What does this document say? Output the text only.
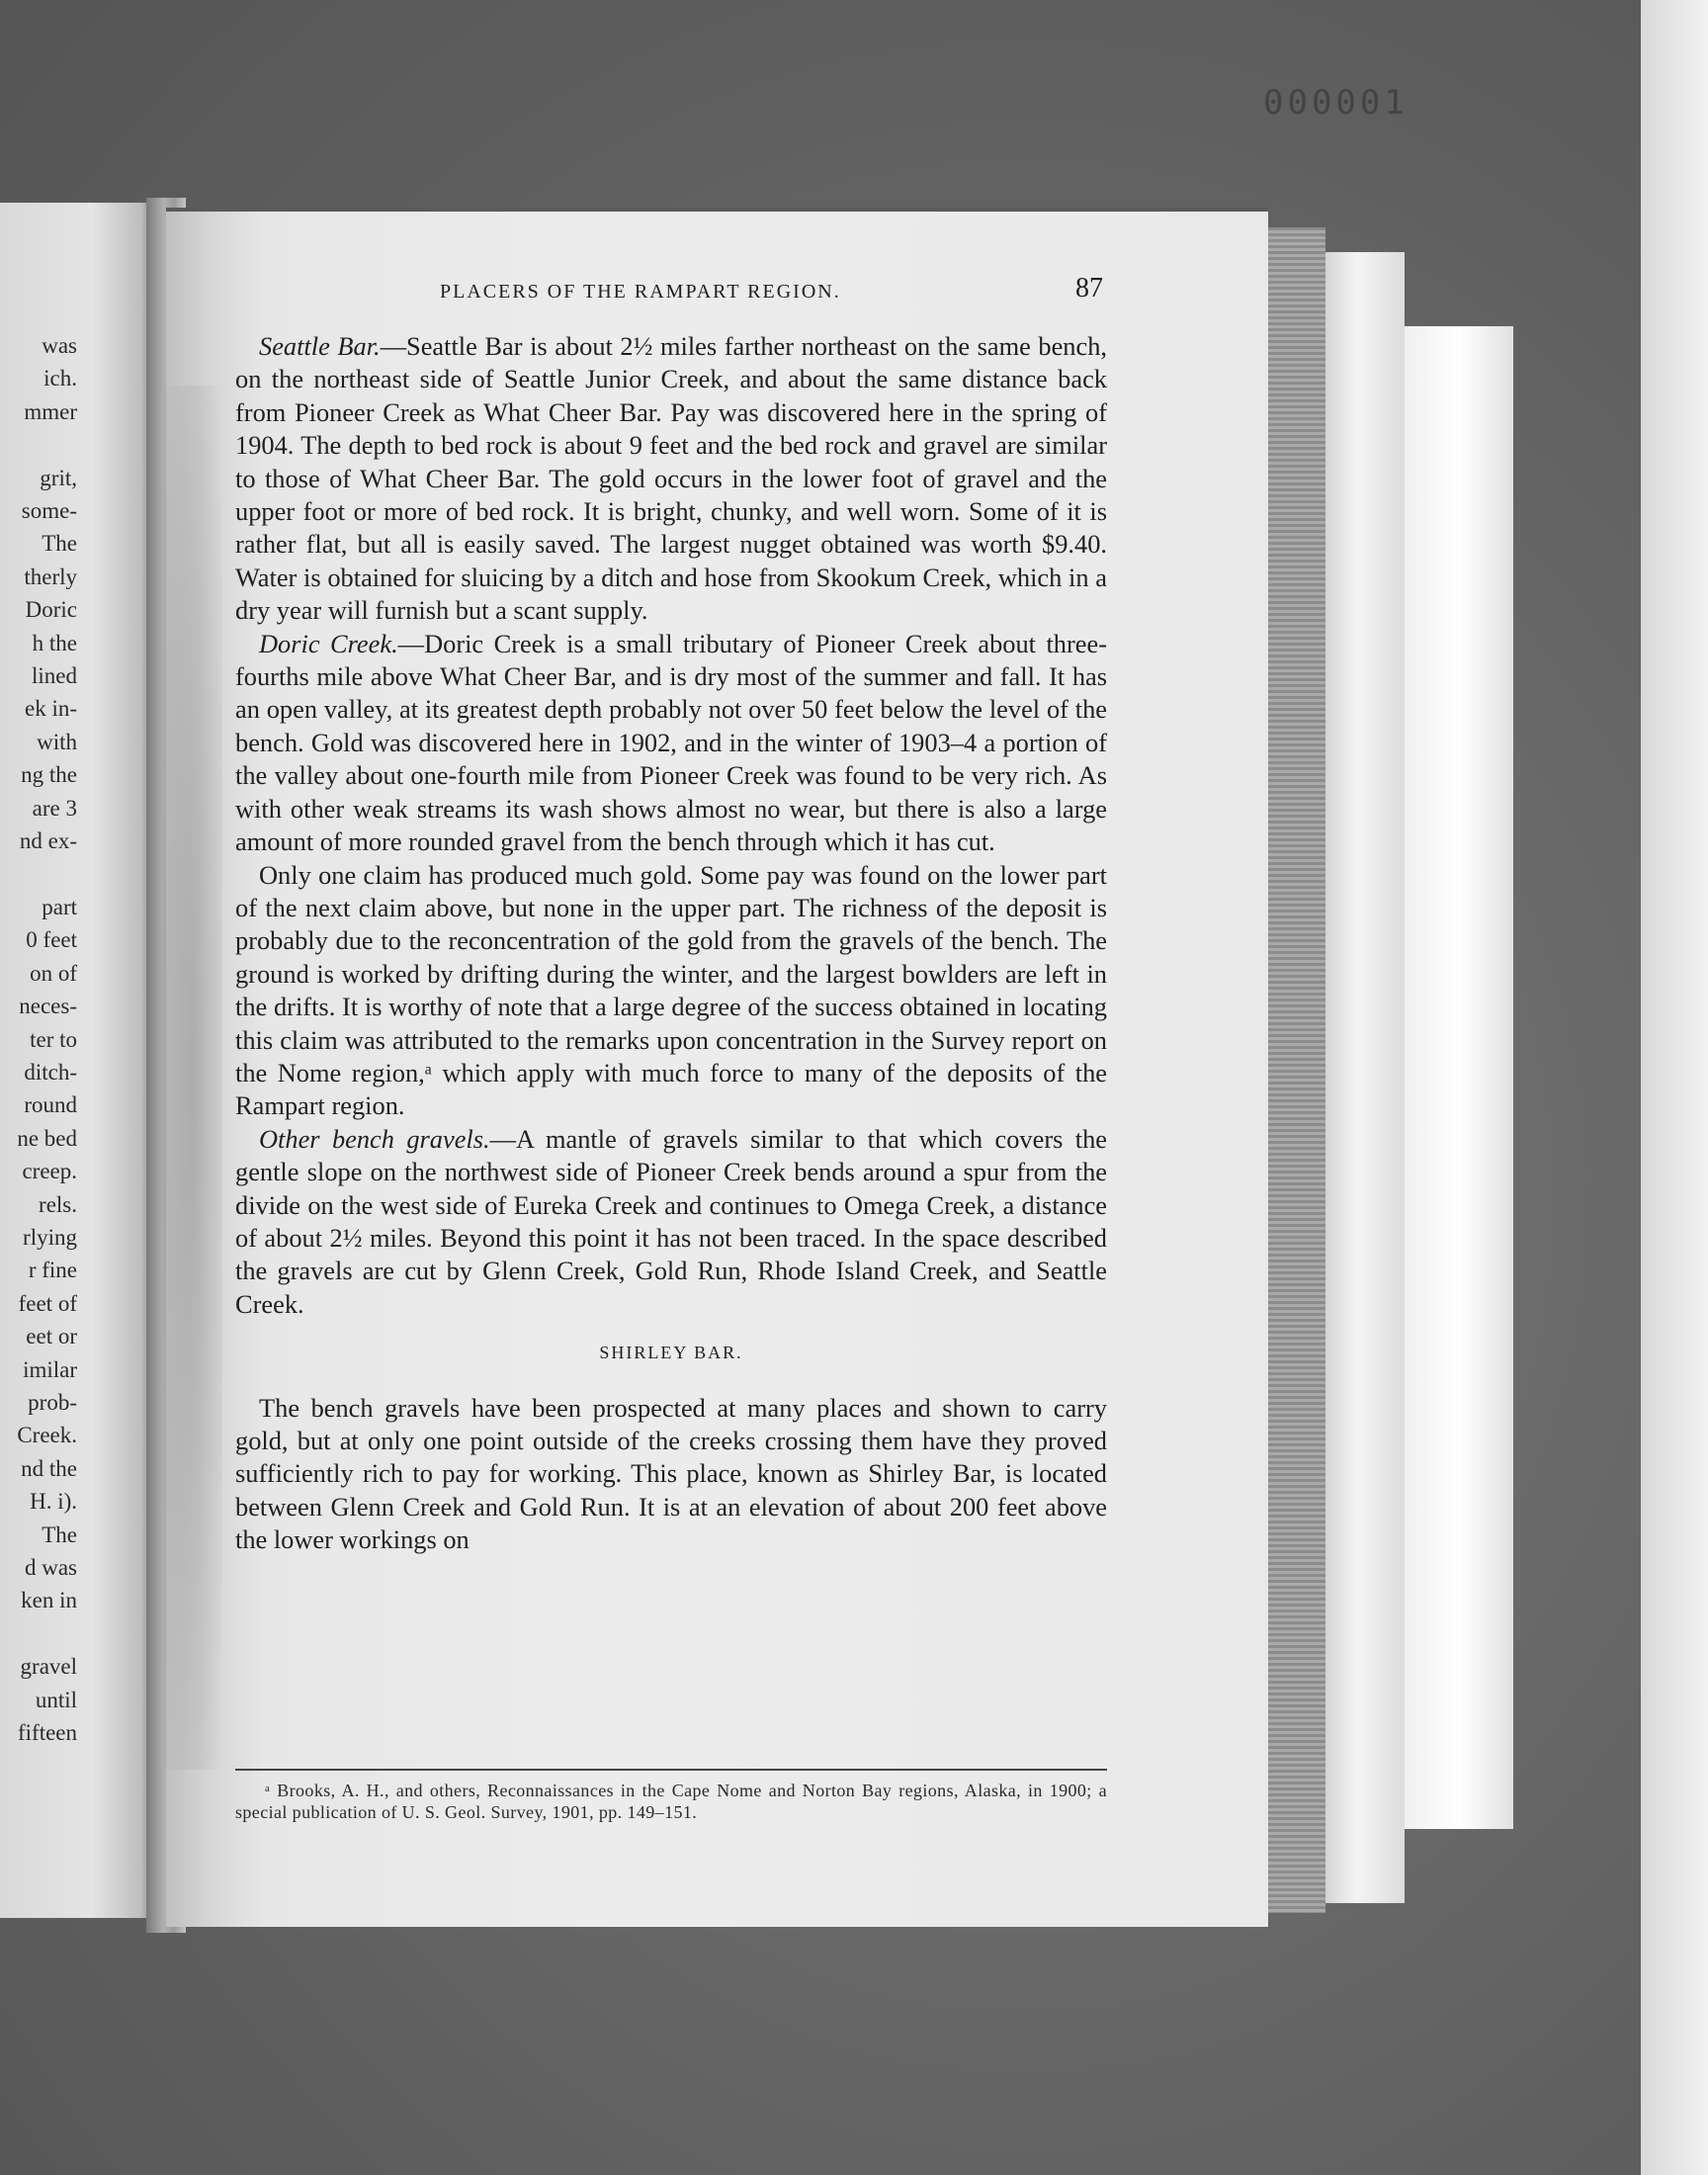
000001

was
ich.
mmer

grit,
some-
The
therly
Doric
h the
lined
ek in-
with
ng the
are 3
nd ex-

part
0 feet
on of
neces-
ter to
ditch-
round
ne bed
creep.
rels.
rlying
r fine
feet of
eet or
imilar
prob-
Creek.
nd the
H. i).
The
d was
ken in

gravel
until
fifteen
PLACERS OF THE RAMPART REGION.	87

Seattle Bar.—Seattle Bar is about 2½ miles farther northeast on the same bench, on the northeast side of Seattle Junior Creek, and about the same distance back from Pioneer Creek as What Cheer Bar. Pay was discovered here in the spring of 1904. The depth to bed rock is about 9 feet and the bed rock and gravel are similar to those of What Cheer Bar. The gold occurs in the lower foot of gravel and the upper foot or more of bed rock. It is bright, chunky, and well worn. Some of it is rather flat, but all is easily saved. The largest nugget obtained was worth $9.40. Water is obtained for sluicing by a ditch and hose from Skookum Creek, which in a dry year will furnish but a scant supply.

Doric Creek.—Doric Creek is a small tributary of Pioneer Creek about three-fourths mile above What Cheer Bar, and is dry most of the summer and fall. It has an open valley, at its greatest depth probably not over 50 feet below the level of the bench. Gold was discovered here in 1902, and in the winter of 1903–4 a portion of the valley about one-fourth mile from Pioneer Creek was found to be very rich. As with other weak streams its wash shows almost no wear, but there is also a large amount of more rounded gravel from the bench through which it has cut.

Only one claim has produced much gold. Some pay was found on the lower part of the next claim above, but none in the upper part. The richness of the deposit is probably due to the reconcentration of the gold from the gravels of the bench. The ground is worked by drifting during the winter, and the largest bowlders are left in the drifts. It is worthy of note that a large degree of the success obtained in locating this claim was attributed to the remarks upon concentration in the Survey report on the Nome region,ᵃ which apply with much force to many of the deposits of the Rampart region.

Other bench gravels.—A mantle of gravels similar to that which covers the gentle slope on the northwest side of Pioneer Creek bends around a spur from the divide on the west side of Eureka Creek and continues to Omega Creek, a distance of about 2½ miles. Beyond this point it has not been traced. In the space described the gravels are cut by Glenn Creek, Gold Run, Rhode Island Creek, and Seattle Creek.

SHIRLEY BAR.

The bench gravels have been prospected at many places and shown to carry gold, but at only one point outside of the creeks crossing them have they proved sufficiently rich to pay for working. This place, known as Shirley Bar, is located between Glenn Creek and Gold Run. It is at an elevation of about 200 feet above the lower workings on

ᵃ Brooks, A. H., and others, Reconnaissances in the Cape Nome and Norton Bay regions, Alaska, in 1900; a special publication of U. S. Geol. Survey, 1901, pp. 149–151.
